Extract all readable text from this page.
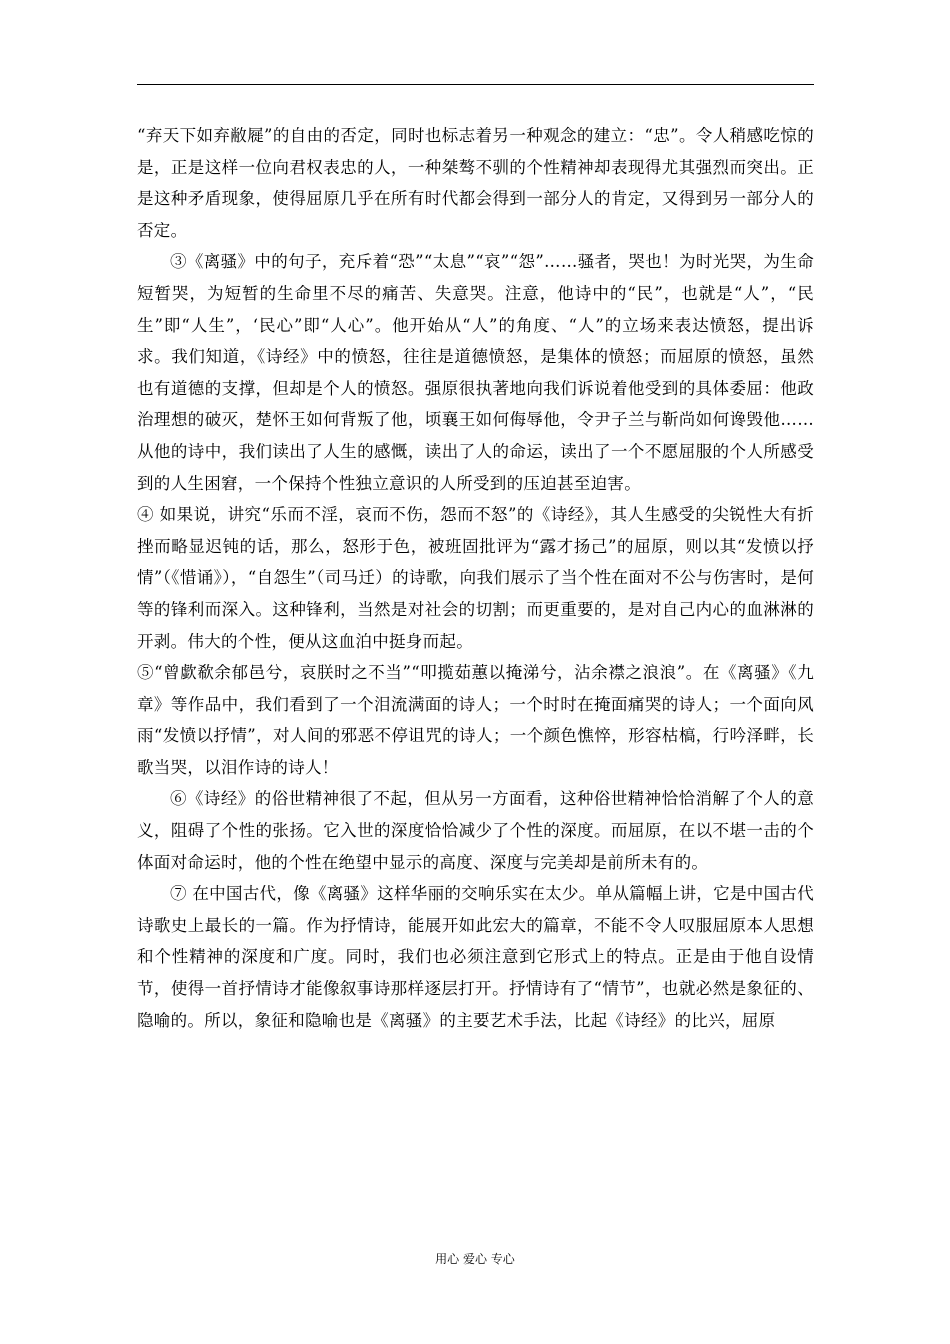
“弃天下如弃敝屣”的自由的否定，同时也标志着另一种观念的建立：“忠”。令人稍感吃惊的是，正是这样一位向君权表忠的人，一种桀骜不驯的个性精神却表现得尤其强烈而突出。正是这种矛盾现象，使得屈原几乎在所有时代都会得到一部分人的肯定，又得到另一部分人的否定。

③《离骚》中的句子，充斥着“恐”“太息”“哀”“怨”……骚者，哭也！为时光哭，为生命短暂哭，为短暂的生命里不尽的痛苦、失意哭。注意，他诗中的“民”，也就是“人”，“民生”即“人生”，‘民心”即“人心”。他开始从“人”的角度、“人”的立场来表达愤怒，提出诉求。我们知道，《诗经》中的愤怒，往往是道德愤怒，是集体的愤怒；而屈原的愤怒，虽然也有道德的支撑，但却是个人的愤怒。强原很执著地向我们诉说着他受到的具体委屈：他政治理想的破灭，楚怀王如何背叛了他，顷襄王如何侮辱他，令尹子兰与靳尚如何谗毁他……从他的诗中，我们读出了人生的感慨，读出了人的命运，读出了一个不愿屈服的个人所感受到的人生困窘，一个保持个性独立意识的人所受到的压迫甚至迫害。

④ 如果说，讲究“乐而不淫，哀而不伤，怨而不怒”的《诗经》，其人生感受的尖锐性大有折挫而略显迟钝的话，那么，怒形于色，被班固批评为“露才扬己”的屈原，则以其“发愤以抒情”（《惜诵》），“自怨生”（司马迁）的诗歌，向我们展示了当个性在面对不公与伤害时，是何等的锋利而深入。这种锋利，当然是对社会的切割；而更重要的，是对自己内心的血淋淋的开剥。伟大的个性，便从这血泊中挺身而起。

⑤“曾歔欷余郁邑兮，哀朕时之不当”“叩揽茹蕙以掩涕兮，沾余襟之浪浪”。在《离骚》《九章》等作品中，我们看到了一个泪流满面的诗人；一个时时在掩面痛哭的诗人；一个面向风雨“发愤以抒情”，对人间的邪恶不停诅咒的诗人；一个颜色憔悴，形容枯槁，行吟泽畔，长歌当哭，以泪作诗的诗人！

⑥《诗经》的俗世精神很了不起，但从另一方面看，这种俗世精神恰恰消解了个人的意义，阻碍了个性的张扬。它入世的深度恰恰减少了个性的深度。而屈原，在以不堪一击的个体面对命运时，他的个性在绝望中显示的高度、深度与完美却是前所未有的。

⑦ 在中国古代，像《离骚》这样华丽的交响乐实在太少。单从篇幅上讲，它是中国古代诗歌史上最长的一篇。作为抒情诗，能展开如此宏大的篇章，不能不令人叹服屈原本人思想和个性精神的深度和广度。同时，我们也必须注意到它形式上的特点。正是由于他自设情节，使得一首抒情诗才能像叙事诗那样逐层打开。抒情诗有了“情节”，也就必然是象征的、隐喻的。所以，象征和隐喻也是《离骚》的主要艺术手法，比起《诗经》的比兴，屈原

用心 爱心 专心
